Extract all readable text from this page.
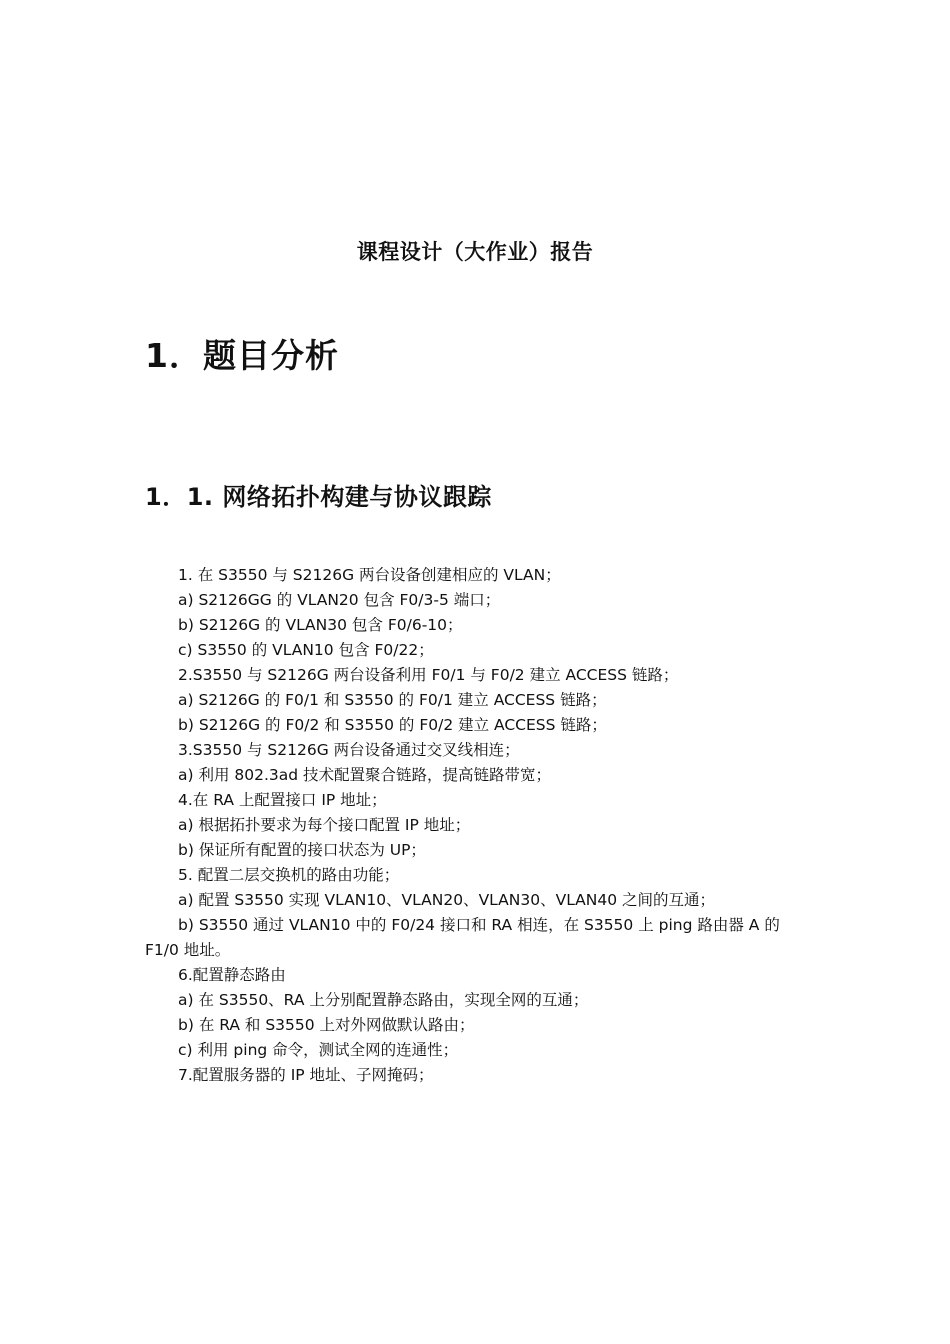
课程设计（大作业）报告
1．题目分析
1．1. 网络拓扑构建与协议跟踪
1. 在 S3550 与 S2126G 两台设备创建相应的 VLAN；
a) S2126GG 的 VLAN20 包含 F0/3-5 端口；
b) S2126G 的 VLAN30 包含 F0/6-10；
c) S3550 的 VLAN10 包含 F0/22；
2.S3550 与 S2126G 两台设备利用 F0/1 与 F0/2 建立 ACCESS 链路；
a) S2126G 的 F0/1 和 S3550 的 F0/1 建立 ACCESS 链路；
b) S2126G 的 F0/2 和 S3550 的 F0/2 建立 ACCESS 链路；
3.S3550 与 S2126G 两台设备通过交叉线相连；
a) 利用 802.3ad 技术配置聚合链路，提高链路带宽；
4.在 RA 上配置接口 IP 地址；
a) 根据拓扑要求为每个接口配置 IP 地址；
b) 保证所有配置的接口状态为 UP；
5. 配置二层交换机的路由功能；
a) 配置 S3550 实现 VLAN10、VLAN20、VLAN30、VLAN40 之间的互通；
b) S3550 通过 VLAN10 中的 F0/24 接口和 RA 相连，在 S3550 上 ping 路由器 A 的
F1/0 地址。
6.配置静态路由
a) 在 S3550、RA 上分别配置静态路由，实现全网的互通；
b) 在 RA 和 S3550 上对外网做默认路由；
c) 利用 ping 命令，测试全网的连通性；
7.配置服务器的 IP 地址、子网掩码；
